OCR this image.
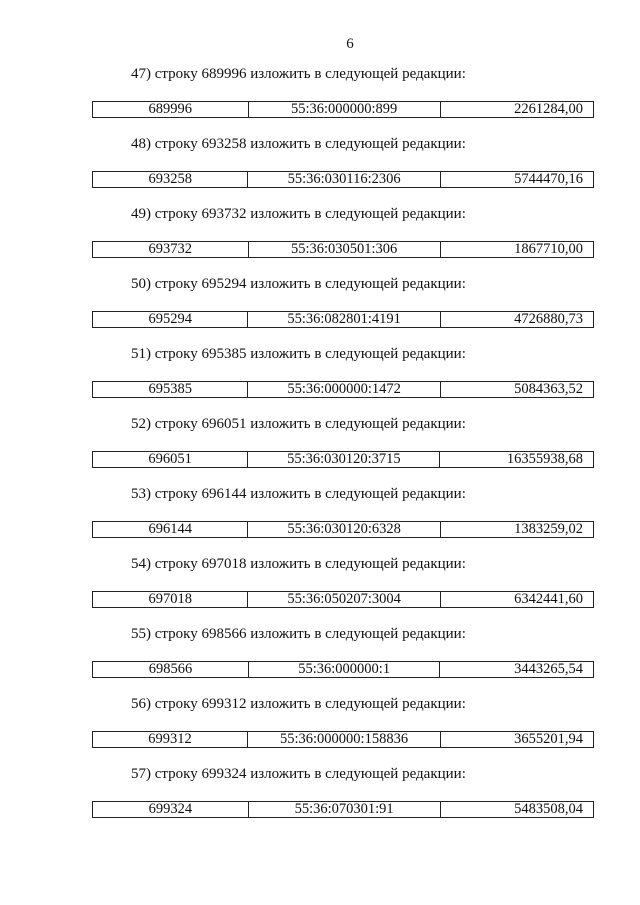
6
47) строку 689996 изложить в следующей редакции:
689996	55:36:000000:899	2261284,00
48) строку 693258 изложить в следующей редакции:
693258	55:36:030116:2306	5744470,16
49) строку 693732 изложить в следующей редакции:
693732	55:36:030501:306	1867710,00
50) строку 695294 изложить в следующей редакции:
695294	55:36:082801:4191	4726880,73
51) строку 695385 изложить в следующей редакции:
695385	55:36:000000:1472	5084363,52
52) строку 696051 изложить в следующей редакции:
696051	55:36:030120:3715	16355938,68
53) строку 696144 изложить в следующей редакции:
696144	55:36:030120:6328	1383259,02
54) строку 697018 изложить в следующей редакции:
697018	55:36:050207:3004	6342441,60
55) строку 698566 изложить в следующей редакции:
698566	55:36:000000:1	3443265,54
56) строку 699312 изложить в следующей редакции:
699312	55:36:000000:158836	3655201,94
57) строку 699324 изложить в следующей редакции:
699324	55:36:070301:91	5483508,04
